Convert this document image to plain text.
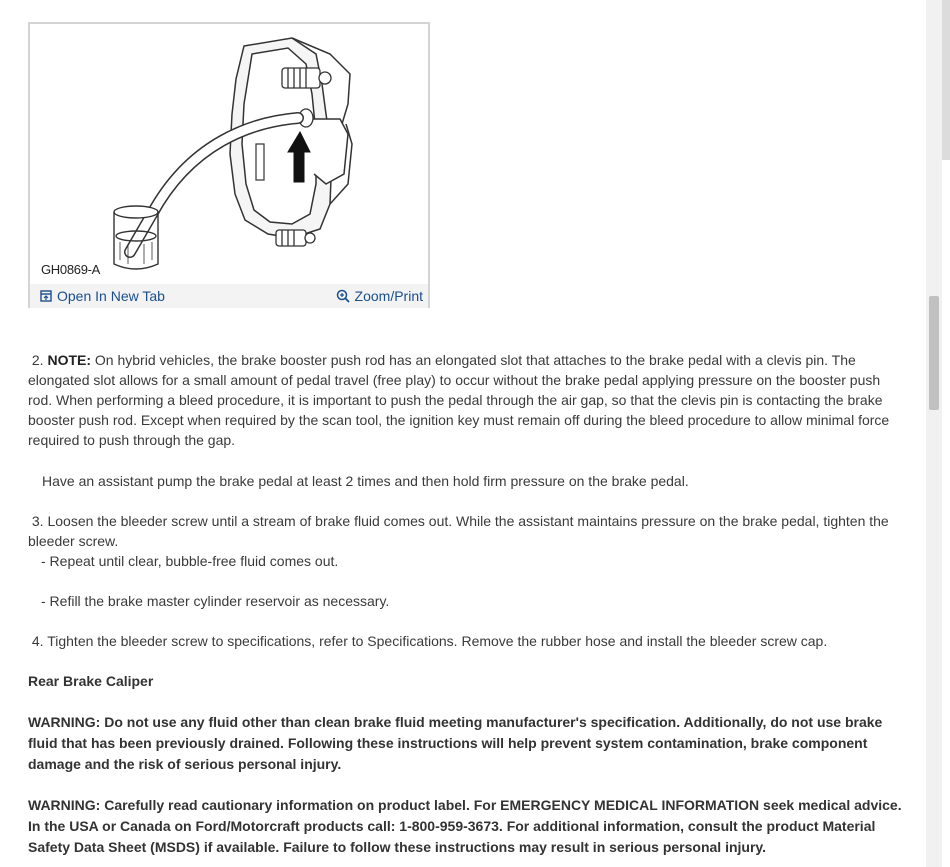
GH0869-A
Open In New Tab	Zoom/Print
2. NOTE: On hybrid vehicles, the brake booster push rod has an elongated slot that attaches to the brake pedal with a clevis pin. The elongated slot allows for a small amount of pedal travel (free play) to occur without the brake pedal applying pressure on the booster push rod. When performing a bleed procedure, it is important to push the pedal through the air gap, so that the clevis pin is contacting the brake booster push rod. Except when required by the scan tool, the ignition key must remain off during the bleed procedure to allow minimal force required to push through the gap.
Have an assistant pump the brake pedal at least 2 times and then hold firm pressure on the brake pedal.
3. Loosen the bleeder screw until a stream of brake fluid comes out. While the assistant maintains pressure on the brake pedal, tighten the bleeder screw.
- Repeat until clear, bubble-free fluid comes out.
- Refill the brake master cylinder reservoir as necessary.
4. Tighten the bleeder screw to specifications, refer to Specifications. Remove the rubber hose and install the bleeder screw cap.
Rear Brake Caliper
WARNING: Do not use any fluid other than clean brake fluid meeting manufacturer's specification. Additionally, do not use brake fluid that has been previously drained. Following these instructions will help prevent system contamination, brake component damage and the risk of serious personal injury.
WARNING: Carefully read cautionary information on product label. For EMERGENCY MEDICAL INFORMATION seek medical advice. In the USA or Canada on Ford/Motorcraft products call: 1-800-959-3673. For additional information, consult the product Material Safety Data Sheet (MSDS) if available. Failure to follow these instructions may result in serious personal injury.
